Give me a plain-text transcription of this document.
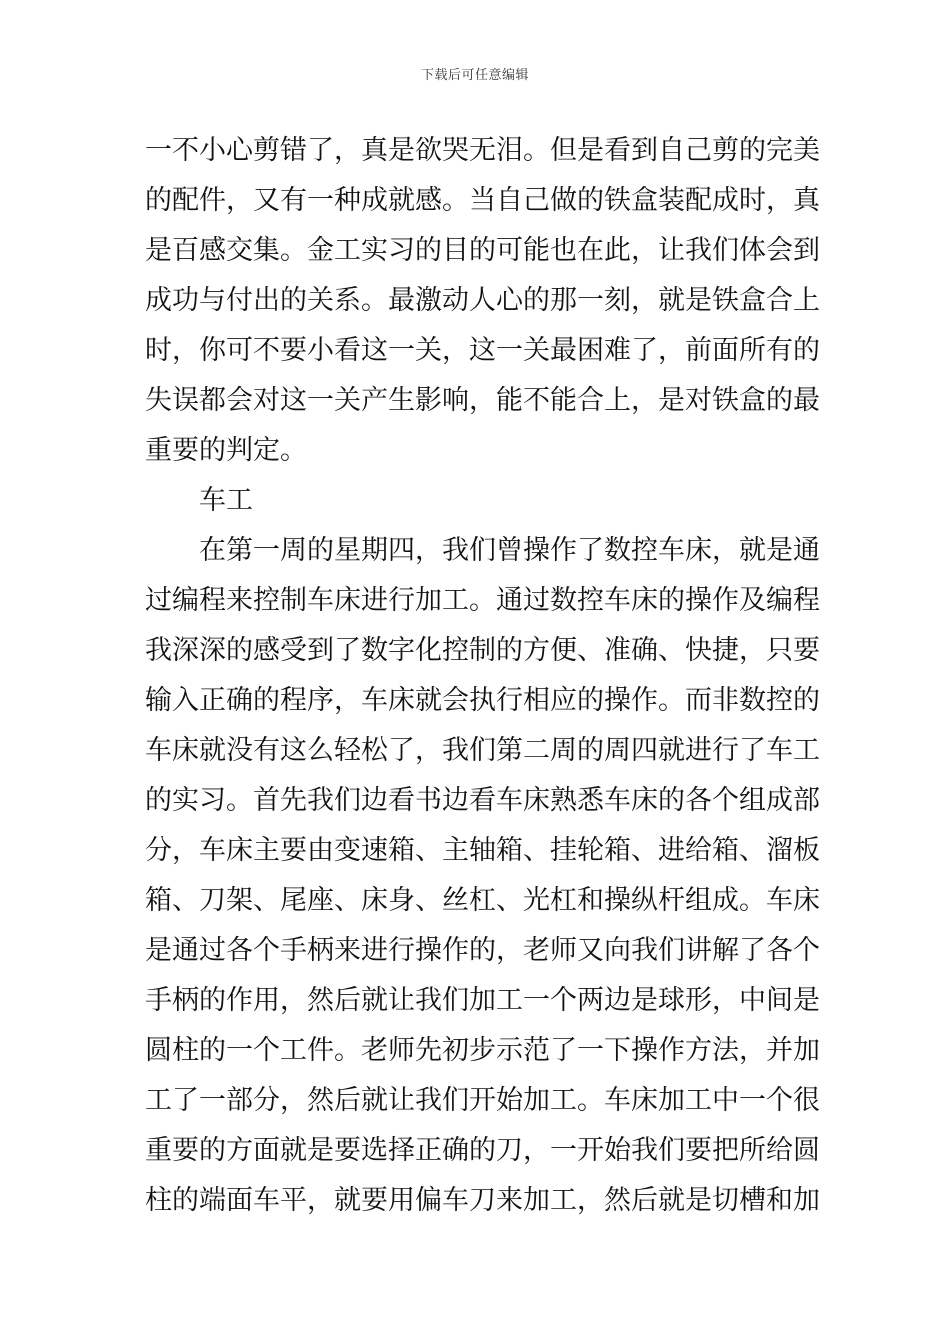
下载后可任意编辑
一不小心剪错了，真是欲哭无泪。但是看到自己剪的完美
的配件，又有一种成就感。当自己做的铁盒装配成时，真
是百感交集。金工实习的目的可能也在此，让我们体会到
成功与付出的关系。最激动人心的那一刻，就是铁盒合上
时，你可不要小看这一关，这一关最困难了，前面所有的
失误都会对这一关产生影响，能不能合上，是对铁盒的最
重要的判定。
车工
在第一周的星期四，我们曾操作了数控车床，就是通
过编程来控制车床进行加工。通过数控车床的操作及编程
我深深的感受到了数字化控制的方便、准确、快捷，只要
输入正确的程序，车床就会执行相应的操作。而非数控的
车床就没有这么轻松了，我们第二周的周四就进行了车工
的实习。首先我们边看书边看车床熟悉车床的各个组成部
分，车床主要由变速箱、主轴箱、挂轮箱、进给箱、溜板
箱、刀架、尾座、床身、丝杠、光杠和操纵杆组成。车床
是通过各个手柄来进行操作的，老师又向我们讲解了各个
手柄的作用，然后就让我们加工一个两边是球形，中间是
圆柱的一个工件。老师先初步示范了一下操作方法，并加
工了一部分，然后就让我们开始加工。车床加工中一个很
重要的方面就是要选择正确的刀，一开始我们要把所给圆
柱的端面车平，就要用偏车刀来加工，然后就是切槽和加
